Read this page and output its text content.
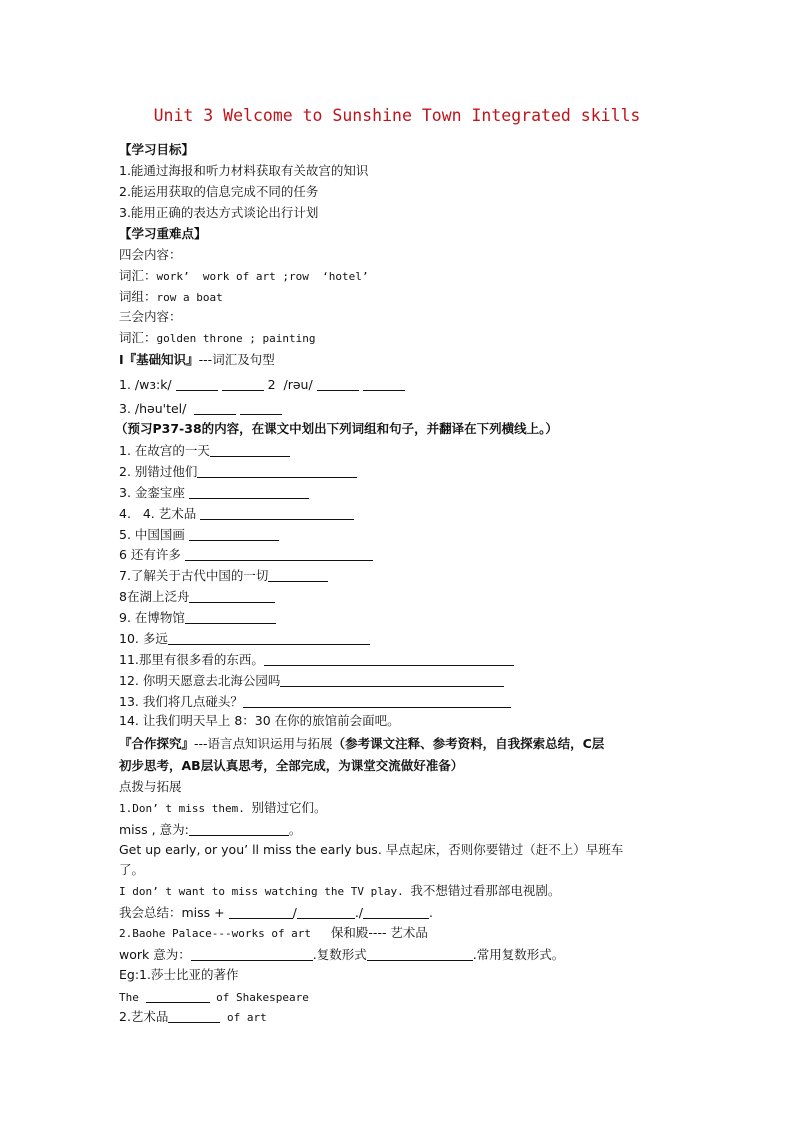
Unit 3 Welcome to Sunshine Town Integrated skills
【学习目标】
1.能通过海报和听力材料获取有关故宫的知识
2.能运用获取的信息完成不同的任务
3.能用正确的表达方式谈论出行计划
【学习重难点】
四会内容：
词汇：work’  work of art ;row  ‘hotel’
词组：row a boat
三会内容：
词汇：golden throne ; painting
Ⅰ『基础知识』---词汇及句型
1. /wɜ:k/	2  /rəu/
3. /həu'tel/
（预习P37-38的内容，在课文中划出下列词组和句子，并翻译在下列横线上。）
1. 在故宫的一天
2. 别错过他们
3. 金銮宝座
4.   4. 艺术品
5. 中国国画
6 还有许多
7.了解关于古代中国的一切
8在湖上泛舟
9. 在博物馆
10. 多远
11.那里有很多看的东西。
12. 你明天愿意去北海公园吗
13. 我们将几点碰头？
14. 让我们明天早上 8：30 在你的旅馆前会面吧。
『合作探究』---语言点知识运用与拓展（参考课文注释、参考资料，自我探索总结，C层
初步思考，AB层认真思考，全部完成，为课堂交流做好准备）
点拨与拓展
1.Don’ t miss them. 别错过它们。
miss , 意为:	。
Get up early, or you’ ll miss the early bus. 早点起床，否则你要错过（赶不上）早班车
了。
I don’ t want to miss watching the TV play. 我不想错过看那部电视剧。
我会总结：miss +	/	./	.
2.Baohe Palace---works of art   保和殿---- 艺术品
work 意为：	.复数形式	.常用复数形式。
Eg:1.莎士比亚的著作
The	of Shakespeare
2.艺术品	of art
